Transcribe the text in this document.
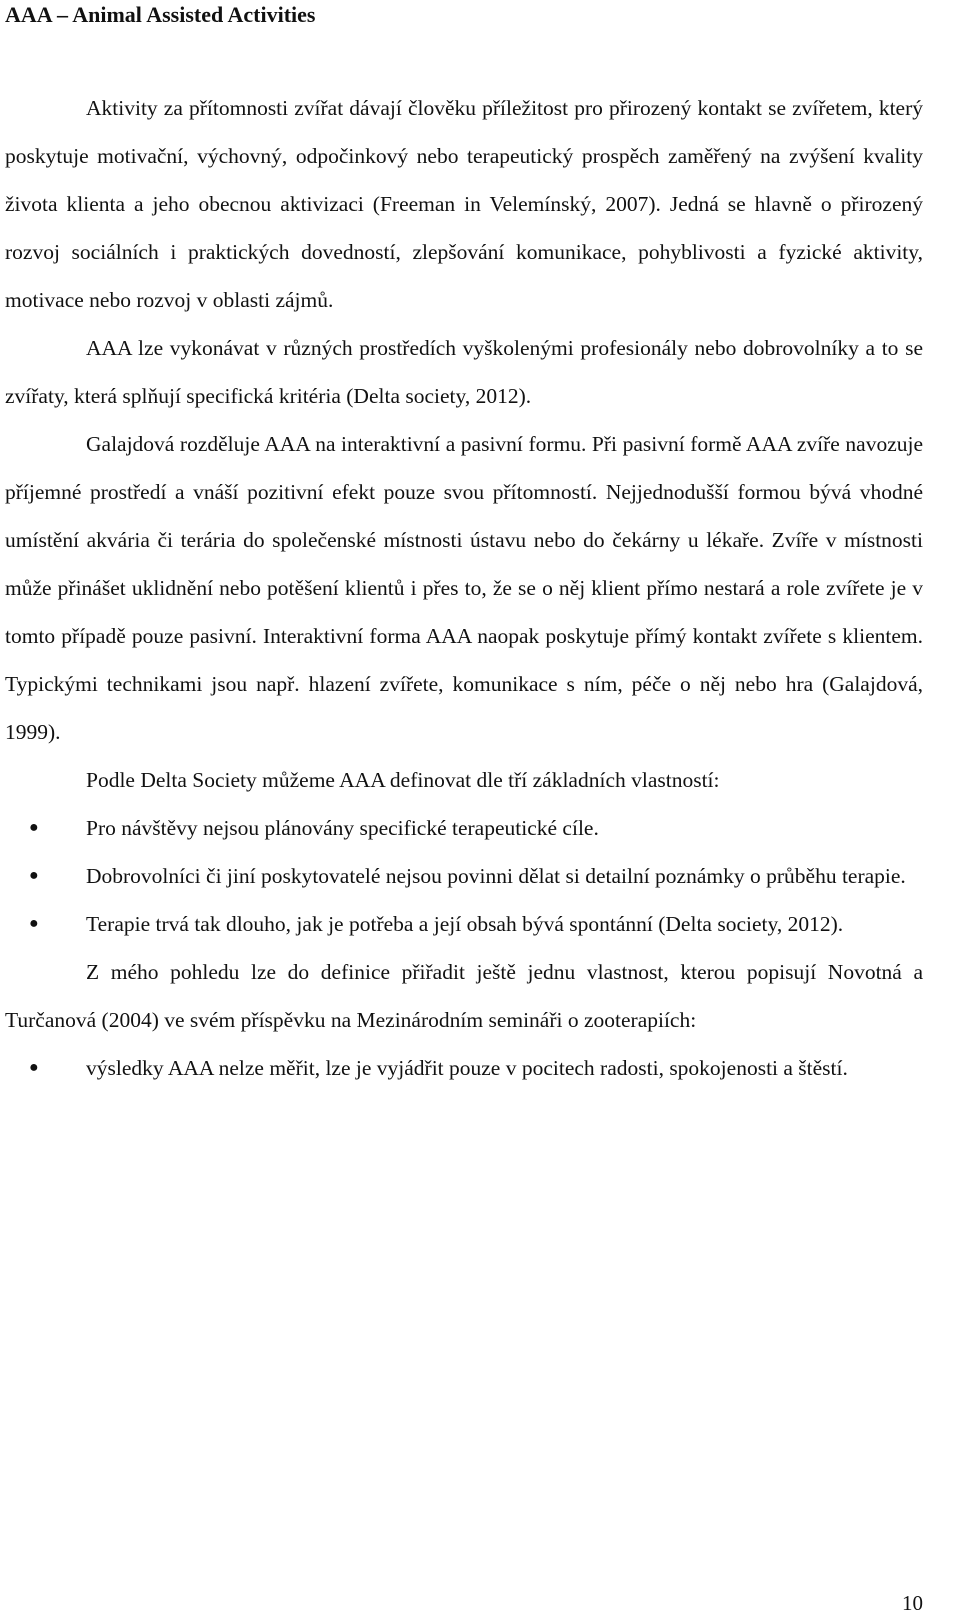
AAA – Animal Assisted Activities

Aktivity za přítomnosti zvířat dávají člověku příležitost pro přirozený kontakt se zvířetem, který poskytuje motivační, výchovný, odpočinkový nebo terapeutický prospěch zaměřený na zvýšení kvality života klienta a jeho obecnou aktivizaci (Freeman in Velemínský, 2007). Jedná se hlavně o přirozený rozvoj sociálních i praktických dovedností, zlepšování komunikace, pohyblivosti a fyzické aktivity, motivace nebo rozvoj v oblasti zájmů.

AAA lze vykonávat v různých prostředích vyškolenými profesionály nebo dobrovolníky a to se zvířaty, která splňují specifická kritéria (Delta society, 2012).

Galajdová rozděluje AAA na interaktivní a pasivní formu. Při pasivní formě AAA zvíře navozuje příjemné prostředí a vnáší pozitivní efekt pouze svou přítomností. Nejjednodušší formou bývá vhodné umístění akvária či terária do společenské místnosti ústavu nebo do čekárny u lékaře. Zvíře v místnosti může přinášet uklidnění nebo potěšení klientů i přes to, že se o něj klient přímo nestará a role zvířete je v tomto případě pouze pasivní. Interaktivní forma AAA naopak poskytuje přímý kontakt zvířete s klientem. Typickými technikami jsou např. hlazení zvířete, komunikace s ním, péče o něj nebo hra (Galajdová, 1999).

Podle Delta Society můžeme AAA definovat dle tří základních vlastností:

● Pro návštěvy nejsou plánovány specifické terapeutické cíle.
● Dobrovolníci či jiní poskytovatelé nejsou povinni dělat si detailní poznámky o průběhu terapie.
● Terapie trvá tak dlouho, jak je potřeba a její obsah bývá spontánní (Delta society, 2012).

Z mého pohledu lze do definice přiřadit ještě jednu vlastnost, kterou popisují Novotná a Turčanová (2004) ve svém příspěvku na Mezinárodním semináři o zooterapiích:

● výsledky AAA nelze měřit, lze je vyjádřit pouze v pocitech radosti, spokojenosti a štěstí.
10
